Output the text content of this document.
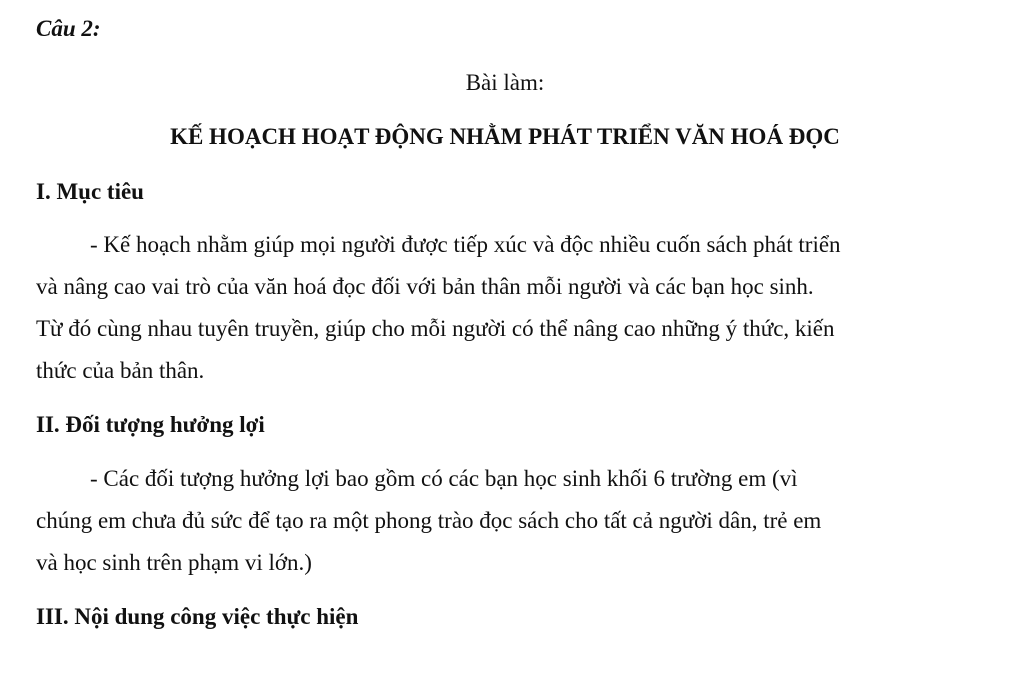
Câu 2:
Bài làm:
KẾ HOẠCH HOẠT ĐỘNG NHẰM PHÁT TRIỂN VĂN HOÁ ĐỌC
I. Mục tiêu
- Kế hoạch nhằm giúp mọi người được tiếp xúc và độc nhiều cuốn sách phát triển
và nâng cao vai trò của văn hoá đọc đối với bản thân mỗi người và các bạn học sinh.
Từ đó cùng nhau tuyên truyền, giúp cho mỗi người có thể nâng cao những ý thức, kiến
thức của bản thân.
II. Đối tượng hưởng lợi
- Các đối tượng hưởng lợi bao gồm có các bạn học sinh khối 6 trường em (vì
chúng em chưa đủ sức để tạo ra một phong trào đọc sách cho tất cả người dân, trẻ em
và học sinh trên phạm vi lớn.)
III. Nội dung công việc thực hiện
